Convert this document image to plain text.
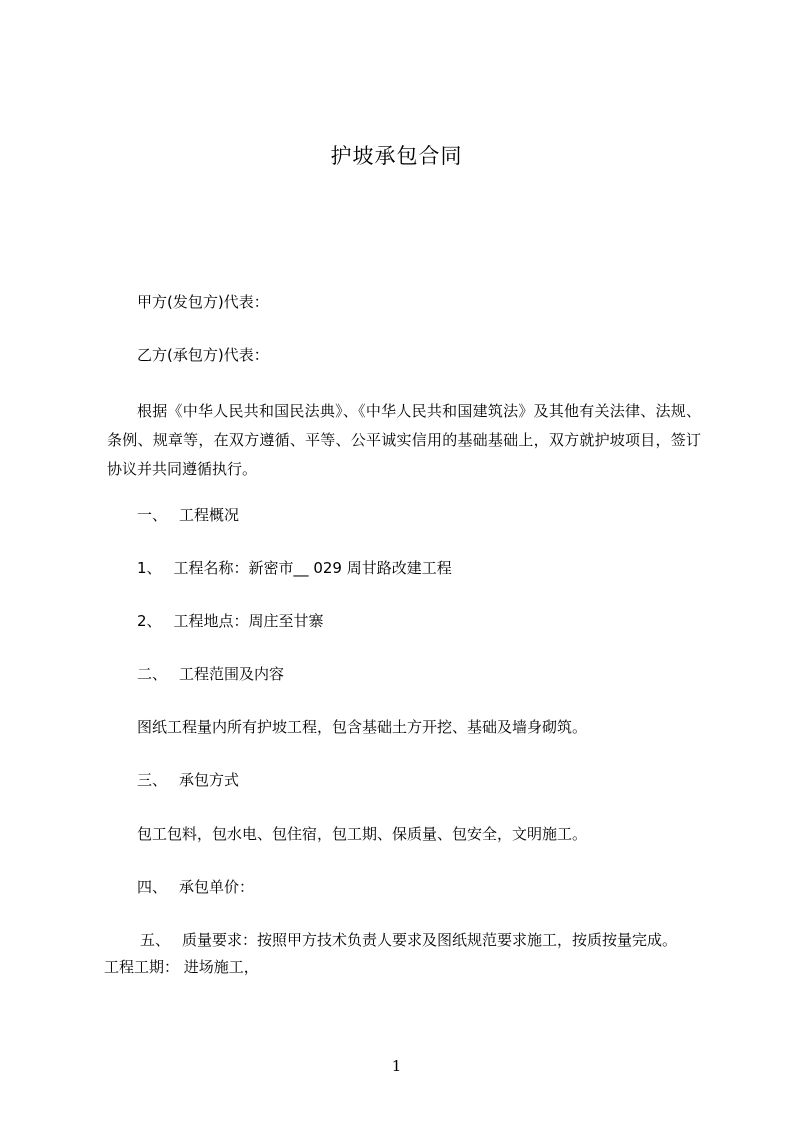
护坡承包合同
甲方(发包方)代表：
乙方(承包方)代表：
根据《中华人民共和国民法典》、《中华人民共和国建筑法》及其他有关法律、法规、条例、规章等，在双方遵循、平等、公平诚实信用的基础基础上，双方就护坡项目，签订协议并共同遵循执行。
一、 工程概况
1、 工程名称：新密市__ 029 周甘路改建工程
2、 工程地点：周庄至甘寨
二、 工程范围及内容
图纸工程量内所有护坡工程，包含基础土方开挖、基础及墙身砌筑。
三、 承包方式
包工包料，包水电、包住宿，包工期、保质量、包安全，文明施工。
四、 承包单价：
五、 质量要求：按照甲方技术负责人要求及图纸规范要求施工，按质按量完成。
工程工期： 进场施工，
1
